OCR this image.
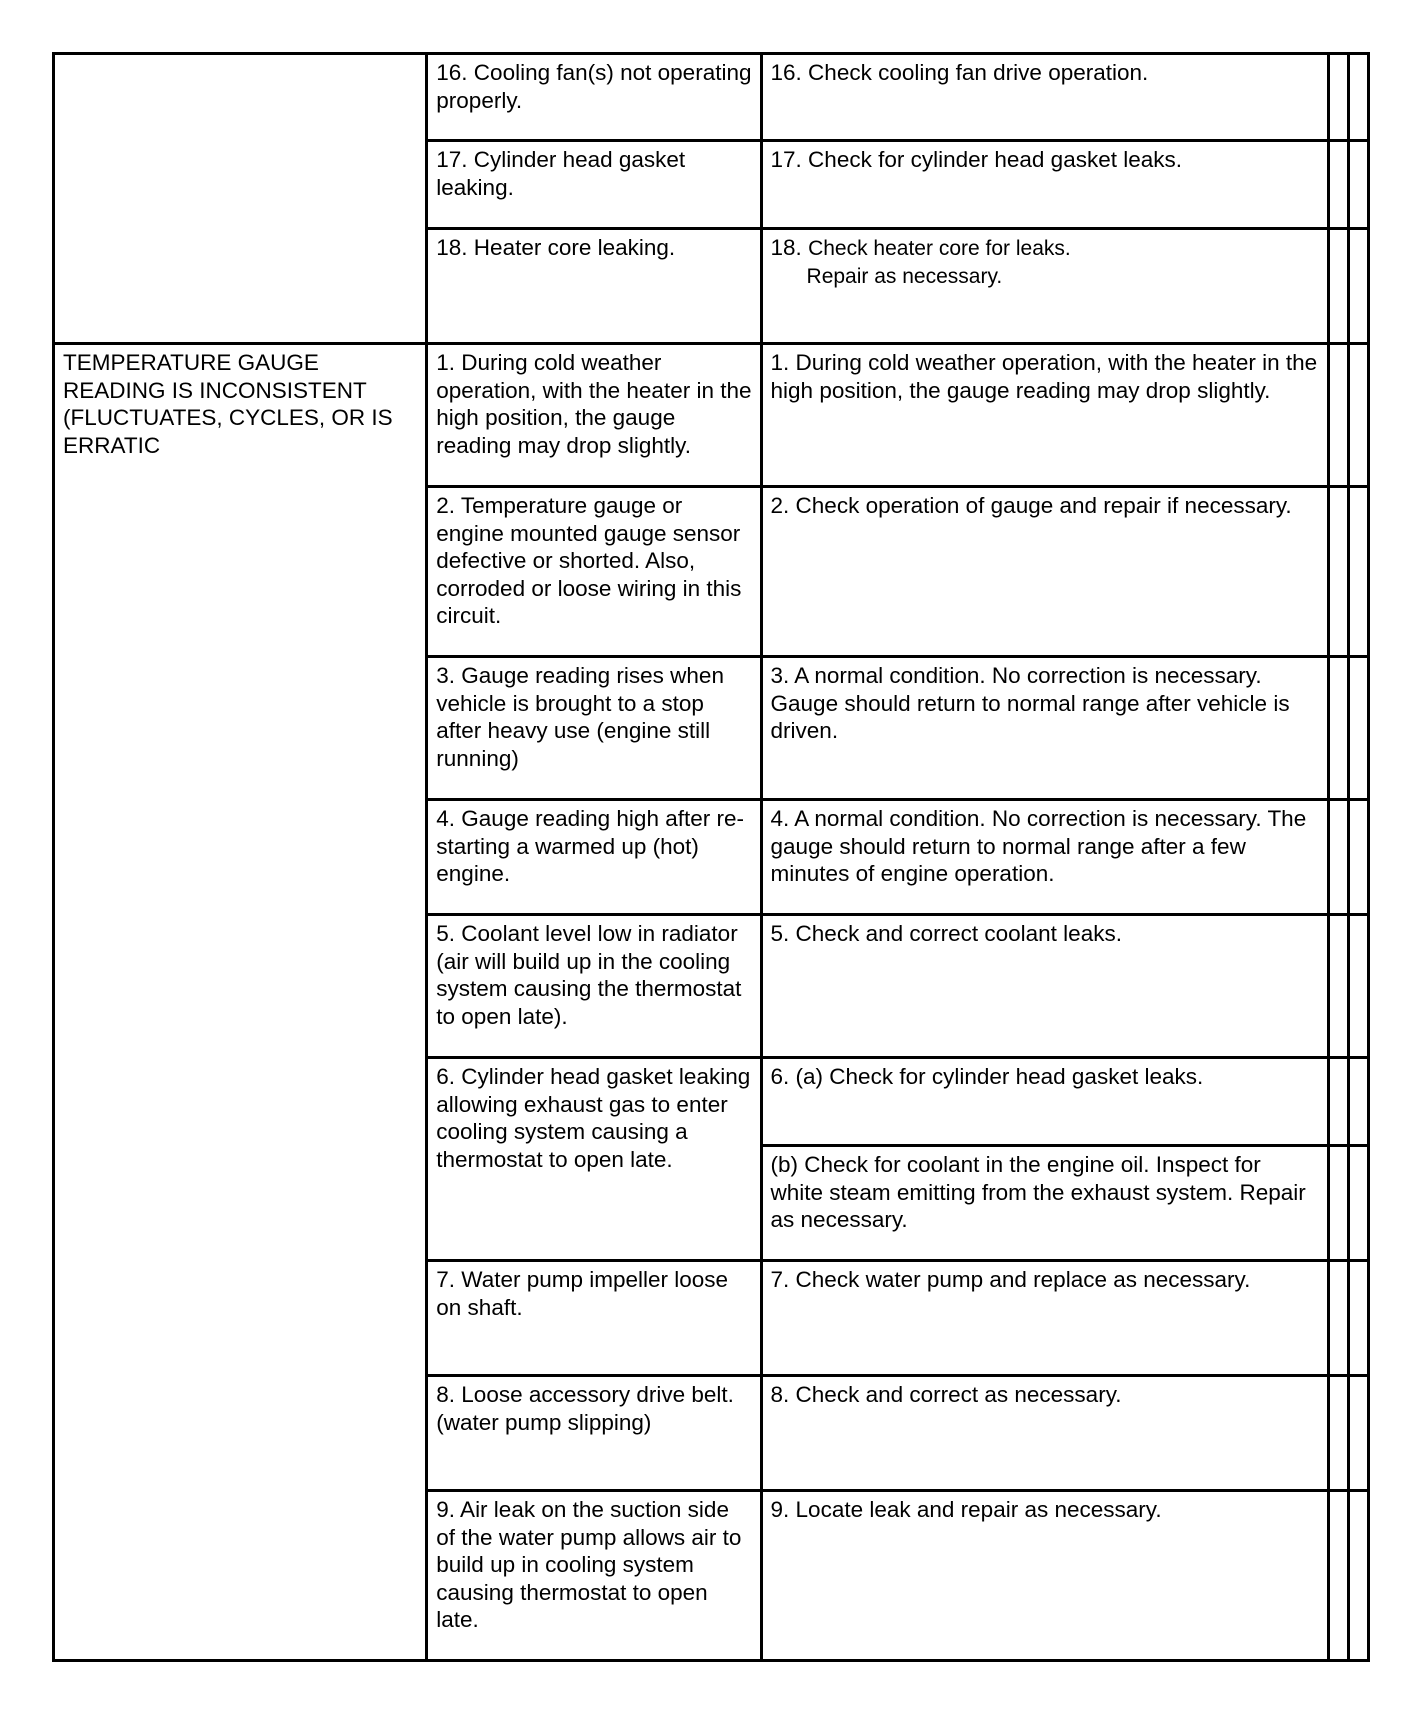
	16. Cooling fan(s) not operating properly.	16. Check cooling fan drive operation.		
	17. Cylinder head gasket leaking.	17. Check for cylinder head gasket leaks.		
	18. Heater core leaking.	18. Check heater core for leaks.
Repair as necessary.		

TEMPERATURE GAUGE READING IS INCONSISTENT (FLUCTUATES, CYCLES, OR IS ERRATIC	1. During cold weather operation, with the heater in the high position, the gauge reading may drop slightly.	1. During cold weather operation, with the heater in the high position, the gauge reading may drop slightly.		
	2. Temperature gauge or engine mounted gauge sensor defective or shorted. Also, corroded or loose wiring in this circuit.	2. Check operation of gauge and repair if necessary.		
	3. Gauge reading rises when vehicle is brought to a stop after heavy use (engine still running)	3. A normal condition. No correction is necessary. Gauge should return to normal range after vehicle is driven.		
	4. Gauge reading high after re-starting a warmed up (hot) engine.	4. A normal condition. No correction is necessary. The gauge should return to normal range after a few minutes of engine operation.		
	5. Coolant level low in radiator (air will build up in the cooling system causing the thermostat to open late).	5. Check and correct coolant leaks.		
	6. Cylinder head gasket leaking allowing exhaust gas to enter cooling system causing a thermostat to open late.	6. (a) Check for cylinder head gasket leaks.		
		(b) Check for coolant in the engine oil. Inspect for white steam emitting from the exhaust system. Repair as necessary.		
	7. Water pump impeller loose on shaft.	7. Check water pump and replace as necessary.		
	8. Loose accessory drive belt. (water pump slipping)	8. Check and correct as necessary.		
	9. Air leak on the suction side of the water pump allows air to build up in cooling system causing thermostat to open late.	9. Locate leak and repair as necessary.		
